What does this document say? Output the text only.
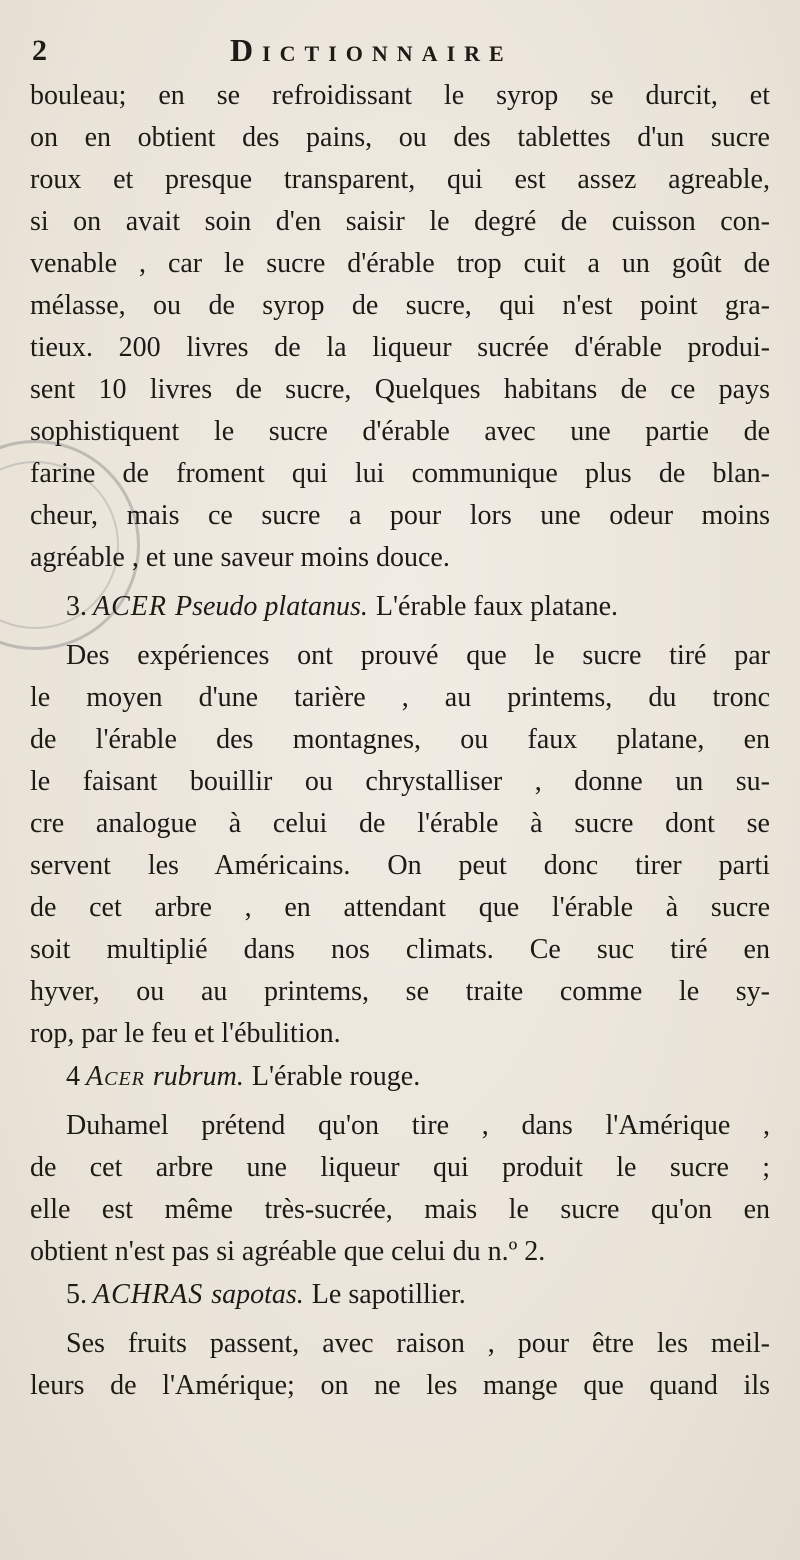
2	Dictionnaire
bouleau; en se refroidissant le syrop se durcit, et
on en obtient des pains, ou des tablettes d'un sucre
roux et presque transparent, qui est assez agreable,
si on avait soin d'en saisir le degré de cuisson con-
venable , car le sucre d'érable trop cuit a un goût de
mélasse, ou de syrop de sucre, qui n'est point gra-
tieux. 200 livres de la liqueur sucrée d'érable produi-
sent 10 livres de sucre, Quelques habitans de ce pays
sophistiquent le sucre d'érable avec une partie de
farine de froment qui lui communique plus de blan-
cheur, mais ce sucre a pour lors une odeur moins
agréable , et une saveur moins douce.
3. ACER Pseudo platanus. L'érable faux platane.
Des expériences ont prouvé que le sucre tiré par
le moyen d'une tarière , au printems, du tronc
de l'érable des montagnes, ou faux platane, en
le faisant bouillir ou chrystalliser , donne un su-
cre analogue à celui de l'érable à sucre dont se
servent les Américains. On peut donc tirer parti
de cet arbre , en attendant que l'érable à sucre
soit multiplié dans nos climats. Ce suc tiré en
hyver, ou au printems, se traite comme le sy-
rop, par le feu et l'ébulition.
4 Acer rubrum. L'érable rouge.
Duhamel prétend qu'on tire , dans l'Amérique ,
de cet arbre une liqueur qui produit le sucre ;
elle est même très-sucrée, mais le sucre qu'on en
obtient n'est pas si agréable que celui du n.º 2.
5. ACHRAS sapotas. Le sapotillier.
Ses fruits passent, avec raison , pour être les meil-
leurs de l'Amérique; on ne les mange que quand ils
